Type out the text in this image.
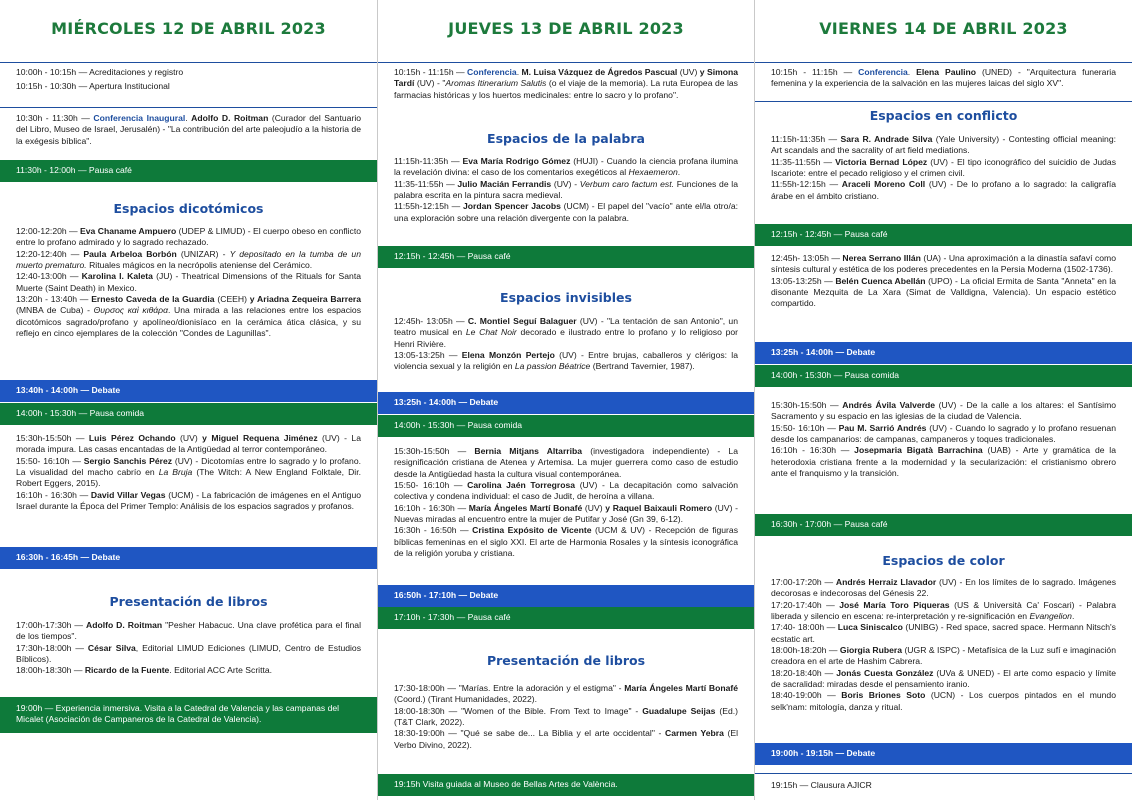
MIÉRCOLES 12 DE ABRIL 2023

10:00h - 10:15h — Acreditaciones y registro

10:15h - 10:30h — Apertura Institucional

10:30h - 11:30h — Conferencia Inaugural. Adolfo D. Roitman (Curador del Santuario del Libro, Museo de Israel, Jerusalén) - "La contribución del arte paleojudío a la historia de la exégesis bíblica".

11:30h - 12:00h — Pausa café
Espacios dicotómicos

12:00-12:20h — Eva Chaname Ampuero (UDEP & LIMUD) - El cuerpo obeso en conflicto entre lo profano admirado y lo sagrado rechazado.

12:20-12:40h — Paula Arbeloa Borbón (UNIZAR) - Y depositado en la tumba de un muerto prematuro. Rituales mágicos en la necrópolis ateniense del Cerámico.

12:40-13:00h — Karolina I. Kaleta (JU) - Theatrical Dimensions of the Rituals for Santa Muerte (Saint Death) in Mexico.

13:20h - 13:40h — Ernesto Caveda de la Guardia (CEEH) y Ariadna Zequeira Barrera (MNBA de Cuba) - Θυρσος καὶ κιθάρα. Una mirada a las relaciones entre los espacios dicotómicos sagrado/profano y apolíneo/dionisíaco en la cerámica ática clásica, y su reflejo en cinco ejemplares de la colección "Condes de Lagunillas".

13:40h - 14:00h — Debate
14:00h - 15:30h — Pausa comida

15:30h-15:50h — Luis Pérez Ochando (UV) y Miguel Requena Jiménez (UV) - La morada impura. Las casas encantadas de la Antigüedad al terror contemporáneo.

15:50- 16:10h — Sergio Sanchis Pérez (UV) - Dicotomías entre lo sagrado y lo profano. La visualidad del macho cabrío en La Bruja (The Witch: A New England Folktale, Dir. Robert Eggers, 2015).

16:10h - 16:30h — David Villar Vegas (UCM) - La fabricación de imágenes en el Antiguo Israel durante la Época del Primer Templo: Análisis de los espacios sagrados y profanos.

16:30h - 16:45h — Debate
Presentación de libros

17:00h-17:30h — Adolfo D. Roitman "Pesher Habacuc. Una clave profética para el final de los tiempos".

17:30h-18:00h — César Silva, Editorial LIMUD Ediciones (LIMUD, Centro de Estudios Bíblicos).

18:00h-18:30h — Ricardo de la Fuente. Editorial ACC Arte Scritta.

19:00h — Experiencia inmersiva. Visita a la Catedral de Valencia y las campanas del Micalet (Asociación de Campaneros de la Catedral de Valencia).
JUEVES 13 DE ABRIL 2023

10:15h - 11:15h — Conferencia. M. Luisa Vázquez de Ágredos Pascual (UV) y Simona Tardí (UV) - "Aromas Itinerarium Salutis (o el viaje de la memoria). La ruta Europea de las farmacias históricas y los huertos medicinales: entre lo sacro y lo profano".

Espacios de la palabra

11:15h-11:35h — Eva María Rodrigo Gómez (HUJI) - Cuando la ciencia profana ilumina la revelación divina: el caso de los comentarios exegéticos al Hexaemeron.

11:35-11:55h — Julio Macián Ferrandis (UV) - Verbum caro factum est. Funciones de la palabra escrita en la pintura sacra medieval.

11:55h-12:15h — Jordan Spencer Jacobs (UCM) - El papel del "vacío" ante el/la otro/a: una exploración sobre una relación divergente con la palabra.

12:15h - 12:45h — Pausa café
Espacios invisibles

12:45h- 13:05h — C. Montiel Seguí Balaguer (UV) - "La tentación de san Antonio", un teatro musical en Le Chat Noir decorado e ilustrado entre lo profano y lo religioso por Henri Rivière.

13:05-13:25h — Elena Monzón Pertejo (UV) - Entre brujas, caballeros y clérigos: la violencia sexual y la religión en La passion Béatrice (Bertrand Tavernier, 1987).

13:25h - 14:00h — Debate
14:00h - 15:30h — Pausa comida

15:30h-15:50h — Bernia Mitjans Altarriba (investigadora independiente) - La resignificación cristiana de Atenea y Artemisa. La mujer guerrera como caso de estudio desde la Antigüedad hasta la cultura visual contemporánea.

15:50- 16:10h — Carolina Jaén Torregrosa (UV) - La decapitación como salvación colectiva y condena individual: el caso de Judit, de heroína a villana.

16:10h - 16:30h — María Ángeles Martí Bonafé (UV) y Raquel Baixauli Romero (UV) - Nuevas miradas al encuentro entre la mujer de Putifar y José (Gn 39, 6-12).

16:30h - 16:50h — Cristina Expósito de Vicente (UCM & UV) - Recepción de figuras bíblicas femeninas en el siglo XXI. El arte de Harmonia Rosales y la síntesis iconográfica de la religión yoruba y cristiana.

16:50h - 17:10h — Debate
17:10h - 17:30h — Pausa café
Presentación de libros

17:30-18:00h — "Marías. Entre la adoración y el estigma" - María Ángeles Martí Bonafé (Coord.) (Tirant Humanidades, 2022).

18:00-18:30h — "Women of the Bible. From Text to Image" - Guadalupe Seijas (Ed.) (T&T Clark, 2022).

18:30-19:00h — "Qué se sabe de... La Biblia y el arte occidental" - Carmen Yebra (El Verbo Divino, 2022).

19:15h Visita guiada al Museo de Bellas Artes de València.
VIERNES 14 DE ABRIL 2023

10:15h - 11:15h — Conferencia. Elena Paulino (UNED) - "Arquitectura funeraria femenina y la experiencia de la salvación en las mujeres laicas del siglo XV".

Espacios en conflicto

11:15h-11:35h — Sara R. Andrade Silva (Yale University) - Contesting official meaning: Art scandals and the sacrality of art field mediations.

11:35-11:55h — Victoria Bernad López (UV) - El tipo iconográfico del suicidio de Judas Iscariote: entre el pecado religioso y el crimen civil.

11:55h-12:15h — Araceli Moreno Coll (UV) - De lo profano a lo sagrado: la caligrafía árabe en el ámbito cristiano.

12:15h - 12:45h — Pausa café

12:45h- 13:05h — Nerea Serrano Illán (UA) - Una aproximación a la dinastía safaví como síntesis cultural y estética de los poderes precedentes en la Persia Moderna (1502-1736).

13:05-13:25h — Belén Cuenca Abellán (UPO) - La oficial Ermita de Santa "Anneta" en la disonante Mezquita de La Xara (Simat de Valldigna, Valencia). Un espacio estético compartido.

13:25h - 14:00h — Debate
14:00h - 15:30h — Pausa comida

15:30h-15:50h — Andrés Ávila Valverde (UV) - De la calle a los altares: el Santísimo Sacramento y su espacio en las iglesias de la ciudad de Valencia.

15:50- 16:10h — Pau M. Sarrió Andrés (UV) - Cuando lo sagrado y lo profano resuenan desde los campanarios: de campanas, campaneros y toques tradicionales.

16:10h - 16:30h — Josepmaria Bigatà Barrachina (UAB) - Arte y gramática de la heterodoxia cristiana frente a la modernidad y la secularización: el cristianismo obrero ante el franquismo y la transición.

16:30h - 17:00h — Pausa café
Espacios de color

17:00-17:20h — Andrés Herraiz Llavador (UV) - En los límites de lo sagrado. Imágenes decorosas e indecorosas del Génesis 22.

17:20-17:40h — José María Toro Piqueras (US & Università Ca' Foscari) - Palabra liberada y silencio en escena: re-interpretación y re-significación en Evangelion.

17:40- 18:00h — Luca Siniscalco (UNIBG) - Red space, sacred space. Hermann Nitsch's ecstatic art.

18:00h-18:20h — Giorgia Rubera (UGR & ISPC) - Metafísica de la Luz sufí e imaginación creadora en el arte de Hashim Cabrera.

18:20-18:40h — Jonás Cuesta González (UVa & UNED) - El arte como espacio y límite de sacralidad: miradas desde el pensamiento iranio.

18:40-19:00h — Boris Briones Soto (UCN) - Los cuerpos pintados en el mundo selk'nam: mitología, danza y ritual.

19:00h - 19:15h — Debate
19:15h — Clausura AJICR
